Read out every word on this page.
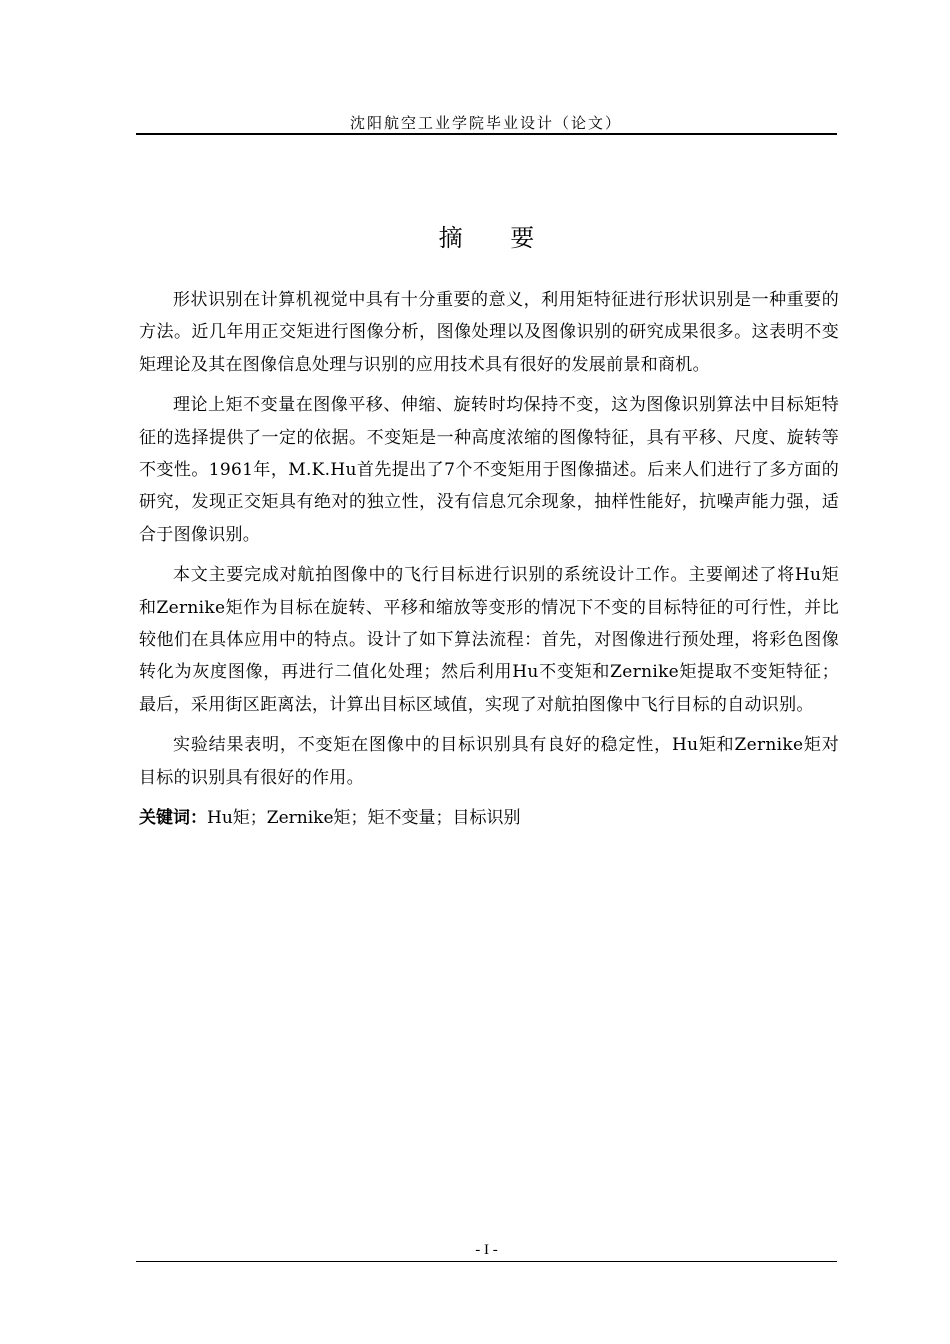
沈阳航空工业学院毕业设计（论文）
摘 要

形状识别在计算机视觉中具有十分重要的意义，利用矩特征进行形状识别是一种重要的方法。近几年用正交矩进行图像分析，图像处理以及图像识别的研究成果很多。这表明不变矩理论及其在图像信息处理与识别的应用技术具有很好的发展前景和商机。

理论上矩不变量在图像平移、伸缩、旋转时均保持不变，这为图像识别算法中目标矩特征的选择提供了一定的依据。不变矩是一种高度浓缩的图像特征，具有平移、尺度、旋转等不变性。1961年，M.K.Hu首先提出了7个不变矩用于图像描述。后来人们进行了多方面的研究，发现正交矩具有绝对的独立性，没有信息冗余现象，抽样性能好，抗噪声能力强，适合于图像识别。

本文主要完成对航拍图像中的飞行目标进行识别的系统设计工作。主要阐述了将Hu矩和Zernike矩作为目标在旋转、平移和缩放等变形的情况下不变的目标特征的可行性，并比较他们在具体应用中的特点。设计了如下算法流程：首先，对图像进行预处理，将彩色图像转化为灰度图像，再进行二值化处理；然后利用Hu不变矩和Zernike矩提取不变矩特征；最后，采用街区距离法，计算出目标区域值，实现了对航拍图像中飞行目标的自动识别。

实验结果表明，不变矩在图像中的目标识别具有良好的稳定性，Hu矩和Zernike矩对目标的识别具有很好的作用。

关键词：Hu矩；Zernike矩；矩不变量；目标识别

- I -
